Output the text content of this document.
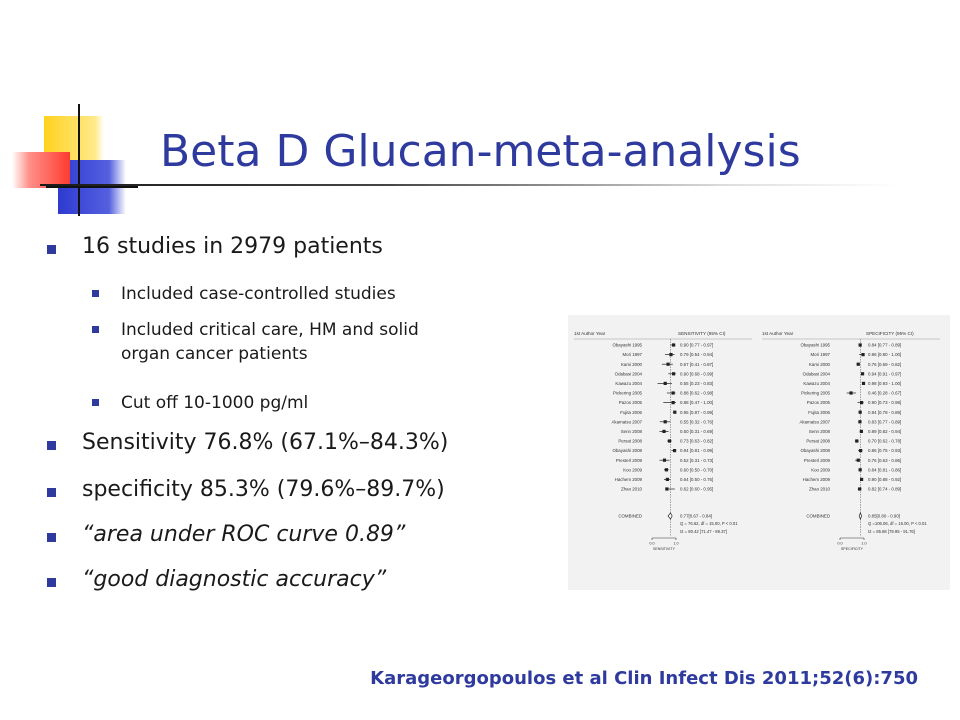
Beta D Glucan-meta-analysis
16 studies in 2979 patients
Included case-controlled studies
Included critical care, HM and solid
organ cancer patients
Cut off 10-1000 pg/ml
Sensitivity 76.8% (67.1%–84.3%)
specificity 85.3% (79.6%–89.7%)
“area under ROC curve 0.89”
“good diagnostic accuracy”
1st Author Year	SENSITIVITY (95% CI)
Obayashi 1995	0.90 [0.77 - 0.97]
Mori 1997	0.79 [0.54 - 0.94]
Kami 2000	0.67 [0.41 - 0.87]
Odabasi 2004	0.90 [0.68 - 0.99]
Kawazu 2004	0.55 [0.23 - 0.83]
Pickering 2005	0.88 [0.62 - 0.98]
Pazos 2005	0.88 [0.47 - 1.00]
Fujita 2006	0.95 [0.87 - 0.99]
Akamatsu 2007	0.55 [0.32 - 0.76]
Senn 2008	0.50 [0.31 - 0.69]
Persat 2008	0.73 [0.63 - 0.82]
Obayashi 2008	0.94 [0.81 - 0.99]
Presterl 2009	0.52 [0.31 - 0.73]
Koo 2009	0.60 [0.50 - 0.70]
Hachem 2009	0.64 [0.50 - 0.76]
Zhao 2010	0.62 [0.60 - 0.95]
COMBINED	0.77[0.67 - 0.84]
Q = 76.62, df = 15.00, P < 0.01
I2 = 80.42 [71.47 - 89.37]
0.0	1.0
SENSITIVITY
1st Author Year	SPECIFICITY (95% CI)
Obayashi 1995	0.84 [0.77 - 0.89]
Mori 1997	0.96 [0.80 - 1.00]
Kami 2000	0.76 [0.69 - 0.82]
Odabasi 2004	0.94 [0.91 - 0.97]
Kawazu 2004	0.98 [0.93 - 1.00]
Pickering 2005	0.46 [0.28 - 0.67]
Pazos 2005	0.90 [0.73 - 0.98]
Fujita 2006	0.84 [0.78 - 0.89]
Akamatsu 2007	0.83 [0.77 - 0.89]
Senn 2008	0.89 [0.82 - 0.94]
Persat 2008	0.70 [0.62 - 0.78]
Obayashi 2008	0.86 [0.75 - 0.93]
Presterl 2009	0.76 [0.63 - 0.86]
Koo 2009	0.84 [0.81 - 0.86]
Hachem 2009	0.90 [0.88 - 0.92]
Zhao 2010	0.82 [0.74 - 0.89]
COMBINED	0.85[0.80 - 0.90]
Q =106.06, df = 15.00, P < 0.01
I2 = 85.86 [79.95 - 91.76]
0.0	1.0
SPECIFICITY

Karageorgopoulos et al Clin Infect Dis 2011;52(6):750
